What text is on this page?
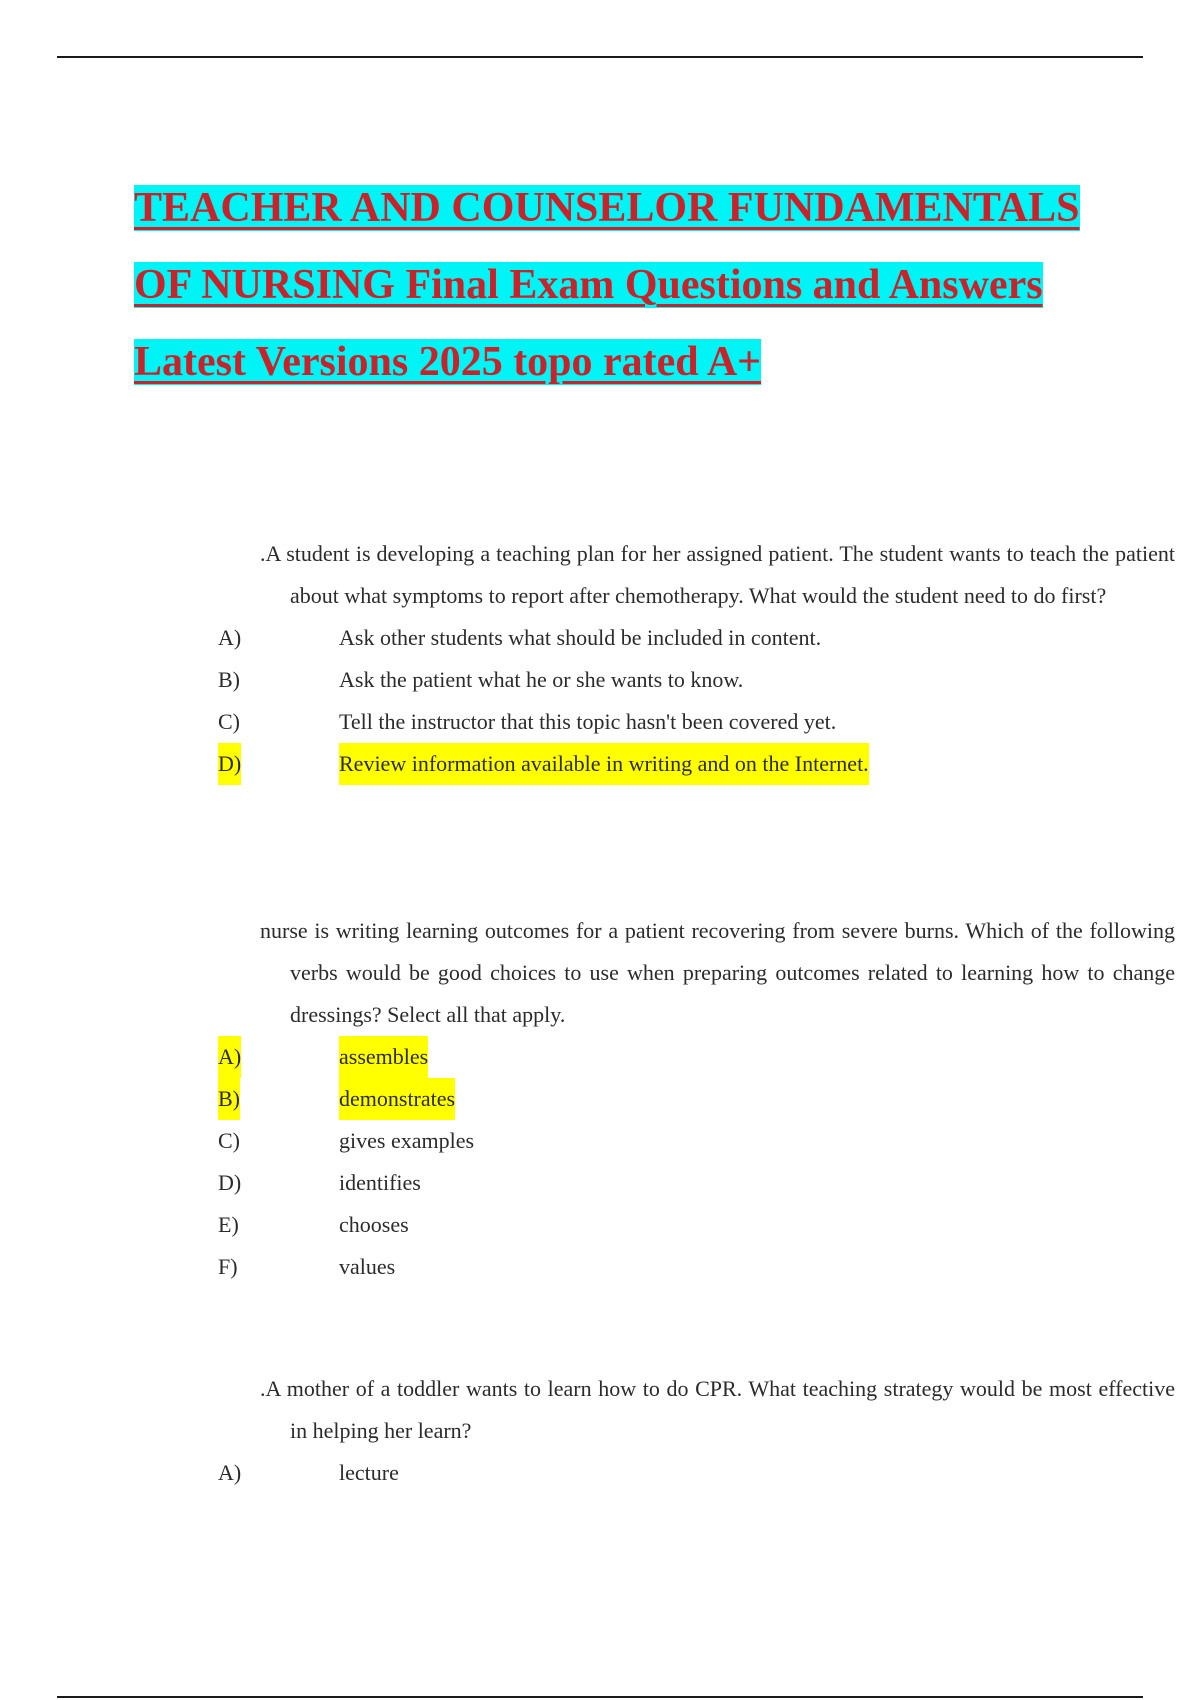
TEACHER AND COUNSELOR FUNDAMENTALS
OF NURSING Final Exam Questions and Answers
Latest Versions 2025 topo rated A+

.A student is developing a teaching plan for her assigned patient. The student wants to teach the patient about what symptoms to report after chemotherapy. What would the student need to do first?

A)	Ask other students what should be included in content.
B)	Ask the patient what he or she wants to know.
C)	Tell the instructor that this topic hasn't been covered yet.
D)	Review information available in writing and on the Internet.

nurse is writing learning outcomes for a patient recovering from severe burns. Which of the following verbs would be good choices to use when preparing outcomes related to learning how to change dressings? Select all that apply.

A)	assembles
B)	demonstrates
C)	gives examples
D)	identifies
E)	chooses
F)	values

.A mother of a toddler wants to learn how to do CPR. What teaching strategy would be most effective in helping her learn?

A)	lecture
